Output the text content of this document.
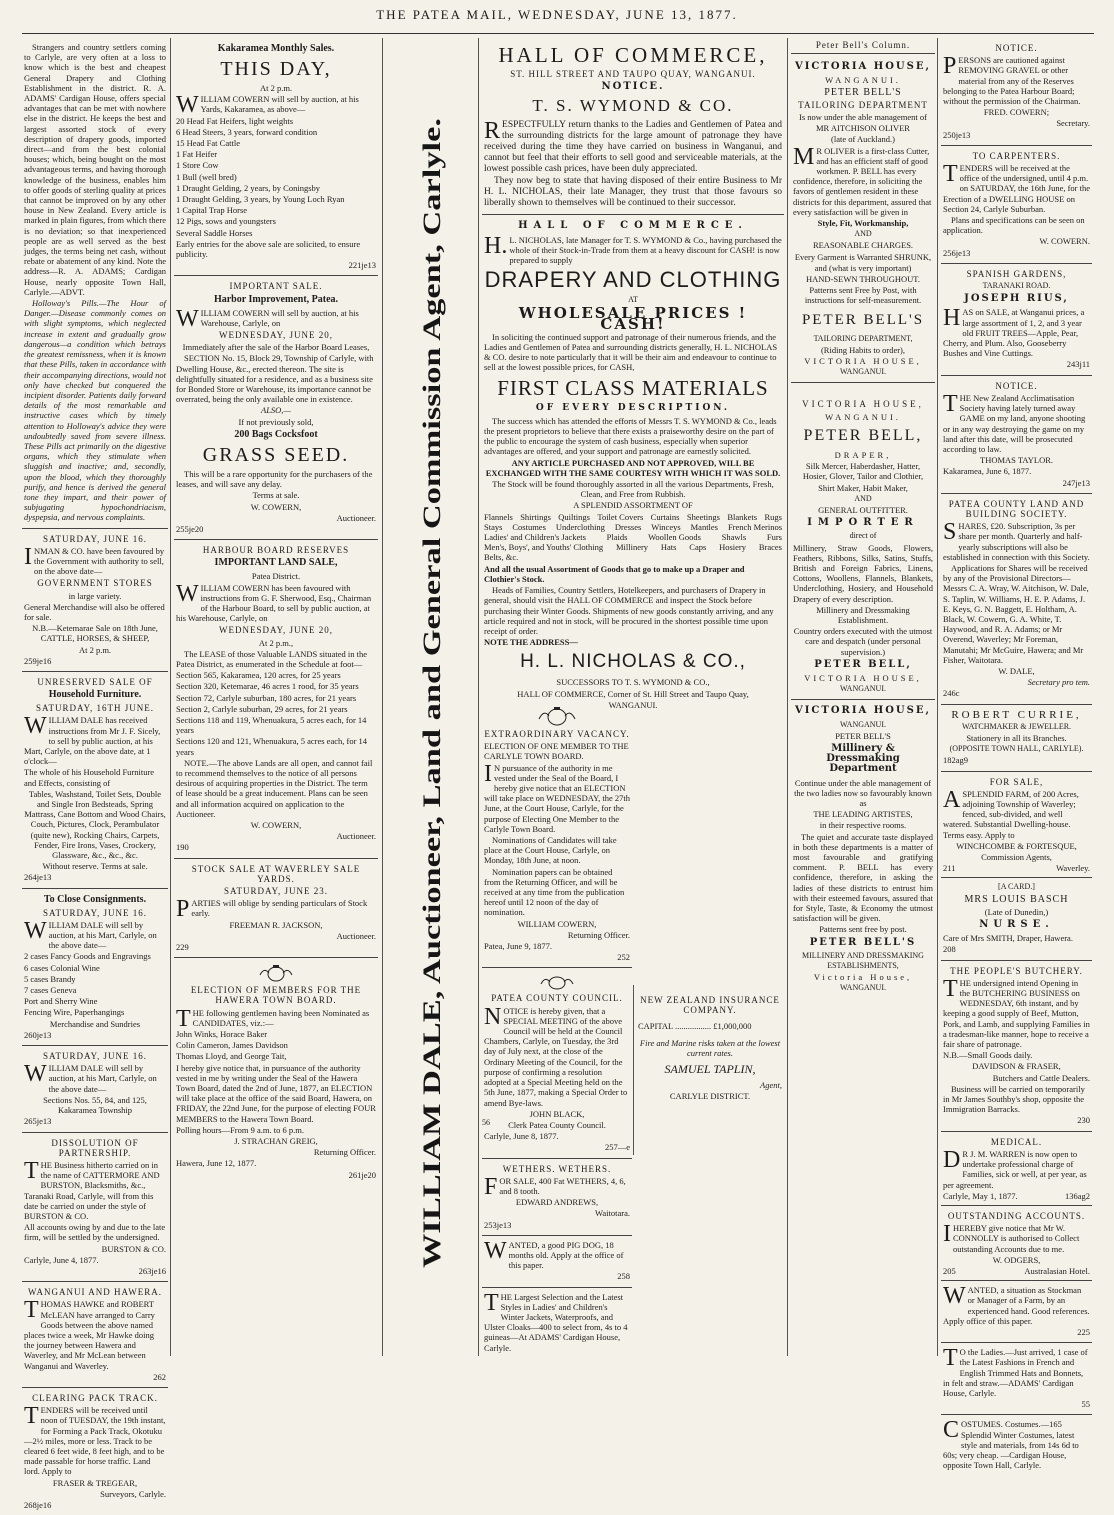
THE PATEA MAIL, WEDNESDAY, JUNE 13, 1877.

Strangers and country settlers coming to Carlyle, are very often at a loss to know which is the best and cheapest General Drapery and Clothing Establishment in the district. R. A. ADAMS' Cardigan House, offers special advantages that can be met with nowhere else in the district. He keeps the best and largest assorted stock of every description of drapery goods, imported direct—and from the best colonial houses; which, being bought on the most advantageous terms, and having thorough knowledge of the business, enables him to offer goods of sterling quality at prices that cannot be improved on by any other house in New Zealand. Every article is marked in plain figures, from which there is no deviation; so that inexperienced people are as well served as the best judges, the terms being net cash, without rebate or abatement of any kind. Note the address—R. A. ADAMS; Cardigan House, nearly opposite Town Hall, Carlyle.—ADVT.

Holloway's Pills.—The Hour of Danger.—Disease commonly comes on with slight symptoms, which neglected increase in extent and gradually grow dangerous—a condition which betrays the greatest remissness, when it is known that these Pills, taken in accordance with their accompanying directions, would not only have checked but conquered the incipient disorder. Patients daily forward details of the most remarkable and instructive cases which by timely attention to Holloway's advice they were undoubtedly saved from severe illness. These Pills act primarily on the digestive organs, which they stimulate when sluggish and inactive; and, secondly, upon the blood, which they thoroughly purify, and hence is derived the general tone they impart, and their power of subjugating hypochondriacism, dyspepsia, and nervous complaints.

SATURDAY, JUNE 16.

INMAN & CO. have been favoured by the Government with authority to sell, on the above date—

GOVERNMENT STORES

in large variety.

General Merchandise will also be offered for sale.

N.B.—Ketemarae Sale on 18th June, CATTLE, HORSES, & SHEEP,

At 2 p.m.

259je16

UNRESERVED SALE OF
Household Furniture.
SATURDAY, 16TH JUNE.

WILLIAM DALE has received instructions from Mr J. F. Sicely, to sell by public auction, at his Mart, Carlyle, on the above date, at 1 o'clock—

The whole of his Household Furniture and Effects, consisting of

Tables, Washstand, Toilet Sets, Double and Single Iron Bedsteads, Spring Mattrass, Cane Bottom and Wood Chairs, Couch, Pictures, Clock, Perambulator (quite new), Rocking Chairs, Carpets, Fender, Fire Irons, Vases, Crockery, Glassware, &c., &c., &c.

Without reserve. Terms at sale.

264je13

To Close Consignments.
SATURDAY, JUNE 16.

WILLIAM DALE will sell by auction, at his Mart, Carlyle, on the above date—

2 cases Fancy Goods and Engravings

6 cases Colonial Wine

5 cases Brandy

7 cases Geneva

Port and Sherry Wine

Fencing Wire, Paperhangings

Merchandise and Sundries

260je13

SATURDAY, JUNE 16.

WILLIAM DALE will sell by auction, at his Mart, Carlyle, on the above date—

Sections Nos. 55, 84, and 125, Kakaramea Township

265je13

DISSOLUTION OF PARTNERSHIP.

THE Business hitherto carried on in the name of CATTERMORE AND BURSTON, Blacksmiths, &c., Taranaki Road, Carlyle, will from this date be carried on under the style of BURSTON & CO.

All accounts owing by and due to the late firm, will be settled by the undersigned.

BURSTON & CO.

Carlyle, June 4, 1877.

263je16

WANGANUI AND HAWERA.

THOMAS HAWKE and ROBERT McLEAN have arranged to Carry Goods between the above named places twice a week, Mr Hawke doing the journey between Hawera and Waverley, and Mr McLean between Wanganui and Waverley.

262

CLEARING PACK TRACK.

TENDERS will be received until noon of TUESDAY, the 19th instant, for Forming a Pack Track, Okotuku—2½ miles, more or less. Track to be cleared 6 feet wide, 8 feet high, and to be made passable for horse traffic. Land lord. Apply to

FRASER & TREGEAR,

Surveyors, Carlyle.

268je16

Kakaramea Monthly Sales.
THIS DAY,

At 2 p.m.

WILLIAM COWERN will sell by auction, at his Yards, Kakaramea, as above—

20 Head Fat Heifers, light weights

6 Head Steers, 3 years, forward condition

15 Head Fat Cattle

1 Fat Heifer

1 Store Cow

1 Bull (well bred)

1 Draught Gelding, 2 years, by Coningsby

1 Draught Gelding, 3 years, by Young Loch Ryan

1 Capital Trap Horse

12 Pigs, sows and youngsters

Several Saddle Horses

Early entries for the above sale are solicited, to ensure publicity.

221je13

IMPORTANT SALE.
Harbor Improvement, Patea.

WILLIAM COWERN will sell by auction, at his Warehouse, Carlyle, on

WEDNESDAY, JUNE 20,

Immediately after the sale of the Harbor Board Leases,

SECTION No. 15, Block 29, Township of Carlyle, with Dwelling House, &c., erected thereon. The site is delightfully situated for a residence, and as a business site for Bonded Store or Warehouse, its importance cannot be overrated, being the only available one in existence.

ALSO,—

If not previously sold,

200 Bags Cocksfoot
GRASS SEED.

This will be a rare opportunity for the purchasers of the leases, and will save any delay.

Terms at sale.

W. COWERN,

Auctioneer.

255je20

HARBOUR BOARD RESERVES
IMPORTANT LAND SALE,

Patea District.

WILLIAM COWERN has been favoured with instructions from G. F. Sherwood, Esq., Chairman of the Harbour Board, to sell by public auction, at his Warehouse, Carlyle, on

WEDNESDAY, JUNE 20,

At 2 p.m.,

The LEASE of those Valuable LANDS situated in the Patea District, as enumerated in the Schedule at foot—

Section 565, Kakaramea, 120 acres, for 25 years

Section 320, Ketemarae, 46 acres 1 rood, for 35 years

Section 72, Carlyle suburban, 180 acres, for 21 years

Section 2, Carlyle suburban, 29 acres, for 21 years

Sections 118 and 119, Whenuakura, 5 acres each, for 14 years

Sections 120 and 121, Whenuakura, 5 acres each, for 14 years

NOTE.—The above Lands are all open, and cannot fail to recommend themselves to the notice of all persons desirous of acquiring properties in the District. The term of lease should be a great inducement. Plans can be seen and all information acquired on application to the Auctioneer.

W. COWERN,

Auctioneer.

190

STOCK SALE AT WAVERLEY SALE YARDS.
SATURDAY, JUNE 23.

PARTIES will oblige by sending particulars of Stock early.

FREEMAN R. JACKSON,

Auctioneer.

229

ELECTION OF MEMBERS FOR THE HAWERA TOWN BOARD.

THE following gentlemen having been Nominated as CANDIDATES, viz.:—

John Winks, Horace Baker

Colin Cameron, James Davidson

Thomas Lloyd, and George Tait,

I hereby give notice that, in pursuance of the authority vested in me by writing under the Seal of the Hawera Town Board, dated the 2nd of June, 1877, an ELECTION will take place at the office of the said Board, Hawera, on FRIDAY, the 22nd June, for the purpose of electing FOUR MEMBERS to the Hawera Town Board.

Polling hours—From 9 a.m. to 6 p.m.

J. STRACHAN GREIG,

Returning Officer.

Hawera, June 12, 1877.

261je20 WILLIAM DALE, Auctioneer, Land and General Commission Agent, Carlyle.
HALL OF COMMERCE,
ST. HILL STREET AND TAUPO QUAY, WANGANUI.
NOTICE.
T. S. WYMOND & CO.

RESPECTFULLY return thanks to the Ladies and Gentlemen of Patea and the surrounding districts for the large amount of patronage they have received during the time they have carried on business in Wanganui, and cannot but feel that their efforts to sell good and serviceable materials, at the lowest possible cash prices, have been duly appreciated.

They now beg to state that having disposed of their entire Business to Mr H. L. NICHOLAS, their late Manager, they trust that those favours so liberally shown to themselves will be continued to their successor.

HALL OF COMMERCE.

H.L. NICHOLAS, late Manager for T. S. WYMOND & Co., having purchased the whole of their Stock-in-Trade from them at a heavy discount for CASH! is now prepared to supply

DRAPERY AND CLOTHING

AT

WHOLESALE PRICES ! CASH!

In soliciting the continued support and patronage of their numerous friends, and the Ladies and Gentlemen of Patea and surrounding districts generally, H. L. NICHOLAS & CO. desire to note particularly that it will be their aim and endeavour to continue to sell at the lowest possible prices, for CASH,

FIRST CLASS MATERIALS
OF EVERY DESCRIPTION.

The success which has attended the efforts of Messrs T. S. WYMOND & Co., leads the present proprietors to believe that there exists a praiseworthy desire on the part of the public to encourage the system of cash business, especially when superior advantages are offered, and your support and patronage are earnestly solicited.

ANY ARTICLE PURCHASED AND NOT APPROVED, WILL BE EXCHANGED WITH THE SAME COURTESY WITH WHICH IT WAS SOLD.

The Stock will be found thoroughly assorted in all the various Departments, Fresh, Clean, and Free from Rubbish.

A SPLENDID ASSORTMENT OF

Flannels Shirtings Quiltings Toilet Covers Curtains Sheetings Blankets Rugs
Stays Costumes Underclothing Dresses Winceys Mantles French Merinos
Ladies' and Children's Jackets Plaids Woollen Goods Shawls Furs
Men's, Boys', and Youths' Clothing Millinery Hats Caps Hosiery Braces
Belts, &c.

And all the usual Assortment of Goods that go to make up a Draper and Clothier's Stock.

Heads of Families, Country Settlers, Hotelkeepers, and purchasers of Drapery in general, should visit the HALL OF COMMERCE and inspect the Stock before purchasing their Winter Goods. Shipments of new goods constantly arriving, and any article required and not in stock, will be procured in the shortest possible time upon receipt of order.

NOTE THE ADDRESS—

H. L. NICHOLAS & CO.,

SUCCESSORS TO T. S. WYMOND & CO.,

HALL OF COMMERCE, Corner of St. Hill Street and Taupo Quay,

WANGANUI.

EXTRAORDINARY VACANCY.

ELECTION OF ONE MEMBER TO THE CARLYLE TOWN BOARD.

IN pursuance of the authority in me vested under the Seal of the Board, I hereby give notice that an ELECTION will take place on WEDNESDAY, the 27th June, at the Court House, Carlyle, for the purpose of Electing One Member to the Carlyle Town Board.

Nominations of Candidates will take place at the Court House, Carlyle, on Monday, 18th June, at noon.

Nomination papers can be obtained from the Returning Officer, and will be received at any time from the publication hereof until 12 noon of the day of nomination.

WILLIAM COWERN,

Returning Officer.

Patea, June 9, 1877.

252

PATEA COUNTY COUNCIL.

NOTICE is hereby given, that a SPECIAL MEETING of the above Council will be held at the Council Chambers, Carlyle, on Tuesday, the 3rd day of July next, at the close of the Ordinary Meeting of the Council, for the purpose of confirming a resolution adopted at a Special Meeting held on the 5th June, 1877, making a Special Order to amend Bye-laws.

JOHN BLACK,

Clerk Patea County Council.

Carlyle, June 8, 1877.

257—e

WETHERS. WETHERS.

FOR SALE, 400 Fat WETHERS, 4, 6, and 8 tooth.

EDWARD ANDREWS,

Waitotara.

253je13

WANTED, a good PIG DOG, 18 months old. Apply at the office of this paper.

258

THE Largest Selection and the Latest Styles in Ladies' and Children's Winter Jackets, Waterproofs, and Ulster Cloaks—400 to select from, 4s to 4 guineas—At ADAMS' Cardigan House, Carlyle.

NEW ZEALAND INSURANCE COMPANY.

CAPITAL ................. £1,000,000

Fire and Marine risks taken at the lowest current rates.

SAMUEL TAPLIN,

Agent,

CARLYLE DISTRICT.

56
Peter Bell's Column.
VICTORIA HOUSE,

WANGANUI.

PETER BELL'S
TAILORING DEPARTMENT

Is now under the able management of

MR AITCHISON OLIVER

(late of Auckland.)

MR OLIVER is a first-class Cutter, and has an efficient staff of good workmen. P. BELL has every confidence, therefore, in soliciting the favors of gentlemen resident in these districts for this department, assured that every satisfaction will be given in

Style, Fit, Workmanship,

AND

REASONABLE CHARGES.

Every Garment is Warranted SHRUNK,

and (what is very important)

HAND-SEWN THROUGHOUT.

Patterns sent Free by Post, with instructions for self-measurement.

PETER BELL'S

TAILORING DEPARTMENT,

(Riding Habits to order),

VICTORIA HOUSE,

WANGANUI.

VICTORIA HOUSE,

WANGANUI.

PETER BELL,

DRAPER,

Silk Mercer, Haberdasher, Hatter, Hosier, Glover, Tailor and Clothier,

Shirt Maker, Habit Maker,

AND

GENERAL OUTFITTER.

IMPORTER

direct of

Millinery, Straw Goods, Flowers, Feathers, Ribbons, Silks, Satins, Stuffs, British and Foreign Fabrics, Linens, Cottons, Woollens, Flannels, Blankets, Underclothing, Hosiery, and Household Drapery of every description.

Millinery and Dressmaking Establishment.

Country orders executed with the utmost care and despatch (under personal supervision.)

PETER BELL,

VICTORIA HOUSE,

WANGANUI.

VICTORIA HOUSE,

WANGANUI.

PETER BELL'S

Millinery & Dressmaking Department

Continue under the able management of the two ladies now so favourably known as

THE LEADING ARTISTES,

in their respective rooms.

The quiet and accurate taste displayed in both these departments is a matter of most favourable and gratifying comment. P. BELL has every confidence, therefore, in asking the ladies of these districts to entrust him with their esteemed favours, assured that for Style, Taste, & Economy the utmost satisfaction will be given.

Patterns sent free by post.

PETER BELL'S

MILLINERY AND DRESSMAKING ESTABLISHMENTS,

Victoria House,

WANGANUI.

NOTICE.

PERSONS are cautioned against REMOVING GRAVEL or other material from any of the Reserves belonging to the Patea Harbour Board; without the permission of the Chairman.

FRED. COWERN;

Secretary.

250je13

TO CARPENTERS.

TENDERS will be received at the office of the undersigned, until 4 p.m. on SATURDAY, the 16th June, for the Erection of a DWELLING HOUSE on Section 24, Carlyle Suburban.

Plans and specifications can be seen on application.

W. COWERN.

256je13

SPANISH GARDENS,

TARANAKI ROAD.

JOSEPH RIUS,

HAS on SALE, at Wanganui prices, a large assortment of 1, 2, and 3 year old FRUIT TREES—Apple, Pear, Cherry, and Plum. Also, Gooseberry Bushes and Vine Cuttings.

243j11

NOTICE.

THE New Zealand Acclimatisation Society having lately turned away GAME on my land, anyone shooting or in any way destroying the game on my land after this date, will be prosecuted according to law.

THOMAS TAYLOR.

Kakaramea, June 6, 1877.

247je13

PATEA COUNTY LAND AND BUILDING SOCIETY.

SHARES, £20. Subscription, 3s per share per month. Quarterly and half-yearly subscriptions will also be established in connection with this Society.

Applications for Shares will be received by any of the Provisional Directors—Messrs C. A. Wray, W. Aitchison, W. Dale, S. Taplin, W. Williams, H. E. P. Adams, J. E. Keys, G. N. Baggett, E. Holtham, A. Black, W. Cowern, G. A. White, T. Haywood, and R. A. Adams; or Mr Overend, Waverley; Mr Foreman, Manutahi; Mr McGuire, Hawera; and Mr Fisher, Waitotara.

W. DALE,

Secretary pro tem.

246c

ROBERT CURRIE,

WATCHMAKER & JEWELLER.

Stationery in all its Branches.

(OPPOSITE TOWN HALL, CARLYLE).

182ag9

FOR SALE,

ASPLENDID FARM, of 200 Acres, adjoining Township of Waverley; fenced, sub-divided, and well watered. Substantial Dwelling-house. Terms easy. Apply to

WINCHCOMBE & FORTESQUE,

Commission Agents,

211	Waverley.

[A CARD.]

MRS LOUIS BASCH

(Late of Dunedin,)

NURSE.

Care of Mrs SMITH, Draper, Hawera.

208

THE PEOPLE'S BUTCHERY.

THE undersigned intend Opening in the BUTCHERING BUSINESS on WEDNESDAY, 6th instant, and by keeping a good supply of Beef, Mutton, Pork, and Lamb, and supplying Families in a tradesman-like manner, hope to receive a fair share of patronage.

N.B.—Small Goods daily.

DAVIDSON & FRASER,

Butchers and Cattle Dealers.

Business will be carried on temporarily in Mr James Southby's shop, opposite the Immigration Barracks.

230

MEDICAL.

DR J. M. WARREN is now open to undertake professional charge of Families, sick or well, at per year, as per agreement.

Carlyle, May 1, 1877.	136ag2
OUTSTANDING ACCOUNTS.

IHEREBY give notice that Mr W. CONNOLLY is authorised to Collect outstanding Accounts due to me.

W. ODGERS,

205	Australasian Hotel.

WANTED, a situation as Stockman or Manager of a Farm, by an experienced hand. Good references. Apply office of this paper.

225

TO the Ladies.—Just arrived, 1 case of the Latest Fashions in French and English Trimmed Hats and Bonnets, in felt and straw.—ADAMS' Cardigan House, Carlyle.

55

COSTUMES. Costumes.—165 Splendid Winter Costumes, latest style and materials, from 14s 6d to 60s; very cheap. —Cardigan House, opposite Town Hall, Carlyle.
